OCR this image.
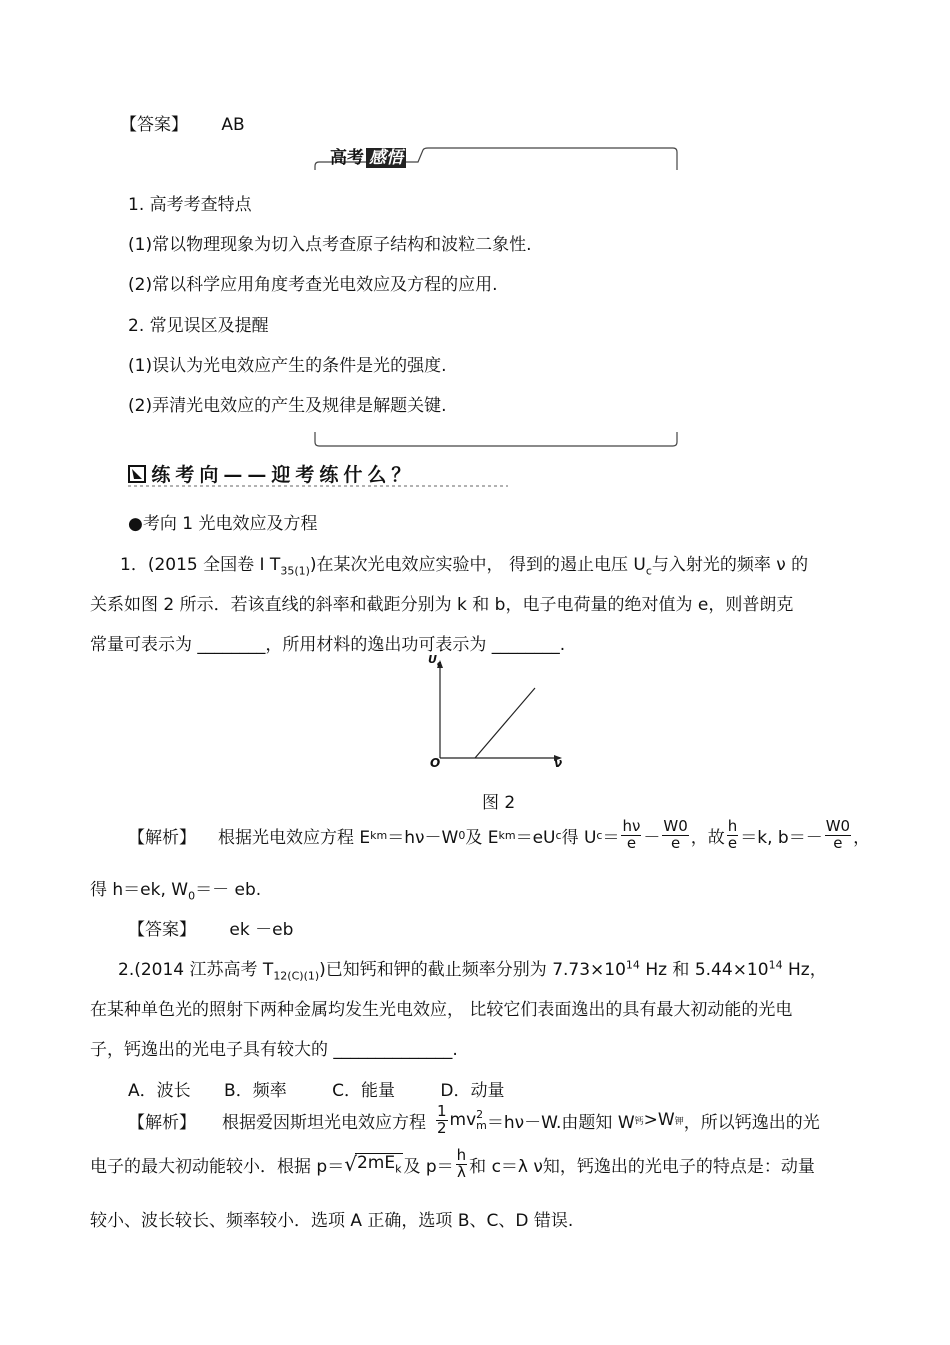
【答案】 AB
高考 感悟
1. 高考考查特点
(1)常以物理现象为切入点考查原子结构和波粒二象性.
(2)常以科学应用角度考查光电效应及方程的应用.
2. 常见误区及提醒
(1)误认为光电效应产生的条件是光的强度.
(2)弄清光电效应的产生及规律是解题关键.
练考向——迎考练什么？
●考向 1 光电效应及方程
1．(2015 全国卷 Ⅰ $T_{35(1)}$)在某次光电效应实验中， 得到的遏止电压 $U_c$与入射光的频率 ν 的
关系如图 2 所示．若该直线的斜率和截距分别为 k 和 b，电子电荷量的绝对值为 e，则普朗克
常量可表示为 ________，所用材料的逸出功可表示为 ________.
$U_c$
O	ν
图 2
【解析】 根据光电效应方程 E km ＝hν－W 0 及 E km ＝eU c 得 U $c = \frac{h\nu}{e} - \frac{W0}{e}$ ，故 $\frac{h}{e} =k$, $b=- \frac{W0}{e}$ ，
得 h＝ek, $W_0=-$ eb.
【答案】 ek －eb
2.(2014 江苏高考 $T_{12(C)(1)}$)已知钙和钾的截止频率分别为 $7.73\times 10^{14}$ Hz 和 $5.44\times 10^{14}$ Hz，
在某种单色光的照射下两种金属均发生光电效应， 比较它们表面逸出的具有最大初动能的光电
子，钙逸出的光电子具有较大的 ______________.
A．波长 B．频率	C．能量	D．动量
【解析】 根据爱因斯坦光电效应方程 $\frac{1}{2}$ mv 2
m ＝hν－W.由题知 W 钙 >W 钾 ，所以钙逸出的光
电子的最大初动能较小．根据 p＝ √ $2mE_k$ 及 $p= \frac{h}{\lambda}$ 和 c＝λ ν知，钙逸出的光电子的特点是：动量
较小、波长较长、频率较小．选项 A 正确，选项 B、C、D 错误.
